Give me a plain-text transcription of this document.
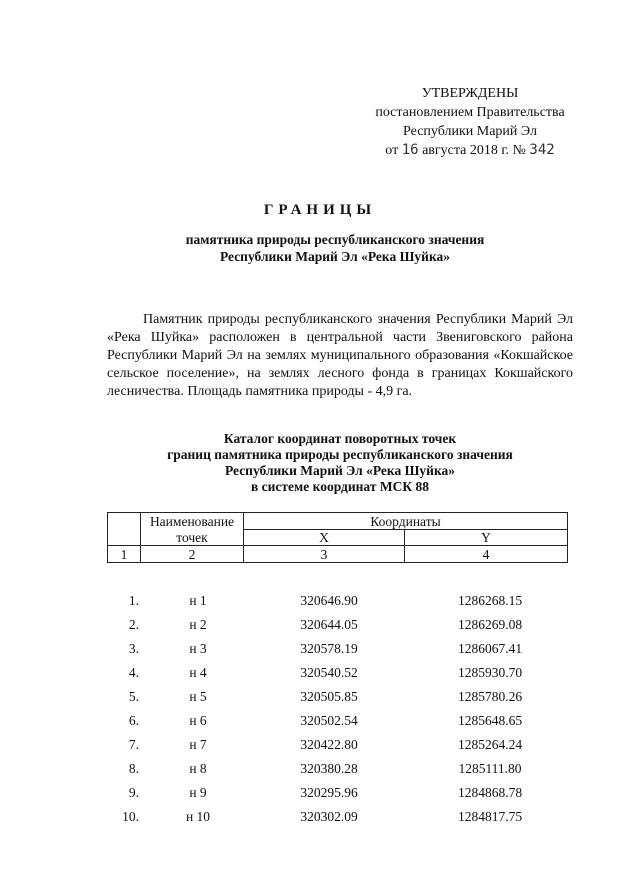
УТВЕРЖДЕНЫ
постановлением Правительства
Республики Марий Эл
от 16 августа 2018 г. № 342
ГРАНИЦЫ
памятника природы республиканского значения
Республики Марий Эл «Река Шуйка»
Памятник природы республиканского значения Республики Марий Эл «Река Шуйка» расположен в центральной части Звениговского района Республики Марий Эл на землях муниципального образования «Кокшайское сельское поселение», на землях лесного фонда в границах Кокшайского лесничества. Площадь памятника природы - 4,9 га.
Каталог координат поворотных точек
границ памятника природы республиканского значения
Республики Марий Эл «Река Шуйка»
в системе координат МСК 88
	Наименование	Координаты	
	точек	X	Y
1	2	3	4
1.	н 1	320646.90	1286268.15
2.	н 2	320644.05	1286269.08
3.	н 3	320578.19	1286067.41
4.	н 4	320540.52	1285930.70
5.	н 5	320505.85	1285780.26
6.	н 6	320502.54	1285648.65
7.	н 7	320422.80	1285264.24
8.	н 8	320380.28	1285111.80
9.	н 9	320295.96	1284868.78
10.	н 10	320302.09	1284817.75
